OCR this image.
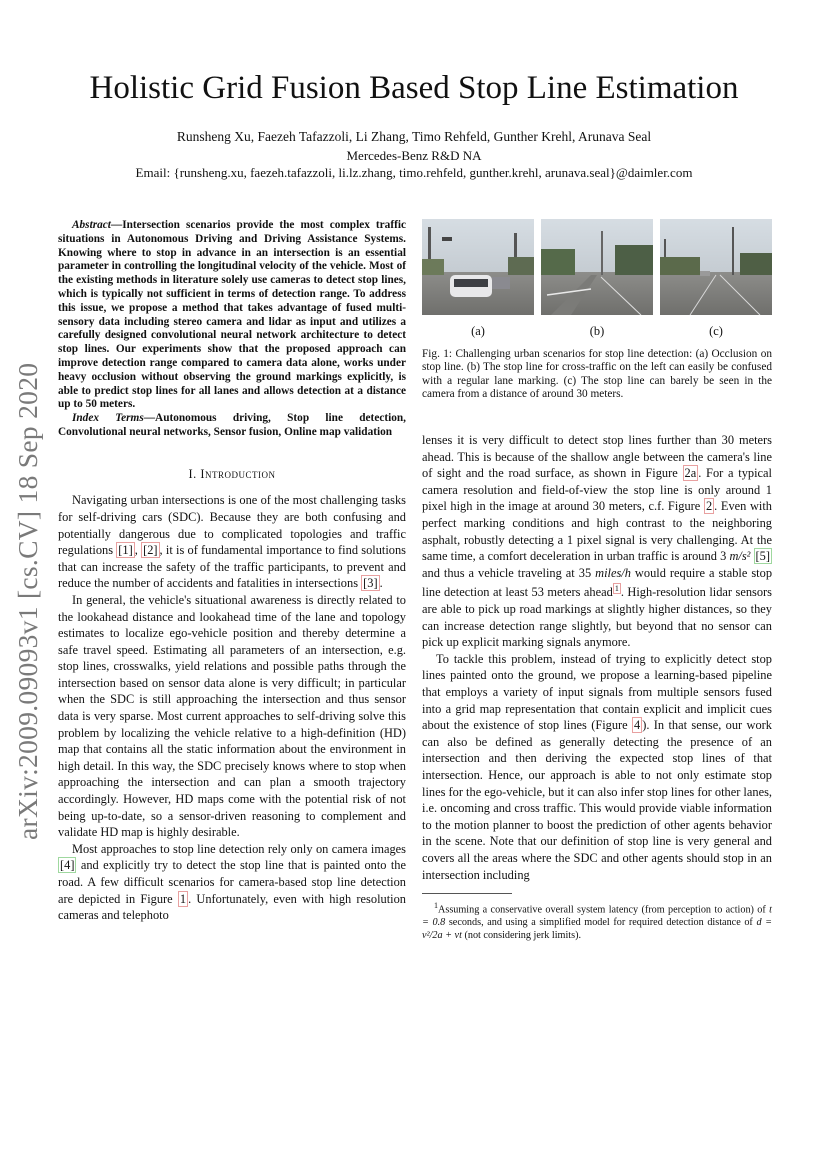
Holistic Grid Fusion Based Stop Line Estimation
Runsheng Xu, Faezeh Tafazzoli, Li Zhang, Timo Rehfeld, Gunther Krehl, Arunava Seal
Mercedes-Benz R&D NA
Email: {runsheng.xu, faezeh.tafazzoli, li.lz.zhang, timo.rehfeld, gunther.krehl, arunava.seal}@daimler.com
arXiv:2009.09093v1 [cs.CV] 18 Sep 2020

Abstract—Intersection scenarios provide the most complex traffic situations in Autonomous Driving and Driving Assistance Systems. Knowing where to stop in advance in an intersection is an essential parameter in controlling the longitudinal velocity of the vehicle. Most of the existing methods in literature solely use cameras to detect stop lines, which is typically not sufficient in terms of detection range. To address this issue, we propose a method that takes advantage of fused multi-sensory data including stereo camera and lidar as input and utilizes a carefully designed convolutional neural network architecture to detect stop lines. Our experiments show that the proposed approach can improve detection range compared to camera data alone, works under heavy occlusion without observing the ground markings explicitly, is able to predict stop lines for all lanes and allows detection at a distance up to 50 meters.

Index Terms—Autonomous driving, Stop line detection, Convolutional neural networks, Sensor fusion, Online map validation

I. Introduction

Navigating urban intersections is one of the most challenging tasks for self-driving cars (SDC). Because they are both confusing and potentially dangerous due to complicated topologies and traffic regulations [1] , [2] , it is of fundamental importance to find solutions that can increase the safety of the traffic participants, to prevent and reduce the number of accidents and fatalities in intersections [3] .

In general, the vehicle's situational awareness is directly related to the lookahead distance and lookahead time of the lane and topology estimates to localize ego-vehicle position and thereby determine a safe travel speed. Estimating all parameters of an intersection, e.g. stop lines, crosswalks, yield relations and possible paths through the intersection based on sensor data alone is very difficult; in particular when the SDC is still approaching the intersection and thus sensor data is very sparse. Most current approaches to self-driving solve this problem by localizing the vehicle relative to a high-definition (HD) map that contains all the static information about the environment in high detail. In this way, the SDC precisely knows where to stop when approaching the intersection and can plan a smooth trajectory accordingly. However, HD maps come with the potential risk of not being up-to-date, so a sensor-driven reasoning to complement and validate HD map is highly desirable.

Most approaches to stop line detection rely only on camera images [4] and explicitly try to detect the stop line that is painted onto the road. A few difficult scenarios for camera-based stop line detection are depicted in Figure 1 . Unfortunately, even with high resolution cameras and telephoto

(a)	(b)	(c)
Fig. 1: Challenging urban scenarios for stop line detection: (a) Occlusion on stop line. (b) The stop line for cross-traffic on the left can easily be confused with a regular lane marking. (c) The stop line can barely be seen in the camera from a distance of around 30 meters.

lenses it is very difficult to detect stop lines further than 30 meters ahead. This is because of the shallow angle between the camera's line of sight and the road surface, as shown in Figure 2a . For a typical camera resolution and field-of-view the stop line is only around 1 pixel high in the image at around 30 meters, c.f. Figure 2 . Even with perfect marking conditions and high contrast to the neighboring asphalt, robustly detecting a 1 pixel signal is very challenging. At the same time, a comfort deceleration in urban traffic is around 3 m/s² [5] and thus a vehicle traveling at 35 miles/h would require a stable stop line detection at least 53 meters ahead $^1$ . High-resolution lidar sensors are able to pick up road markings at slightly higher distances, so they can increase detection range slightly, but beyond that no sensor can pick up explicit marking signals anymore.

To tackle this problem, instead of trying to explicitly detect stop lines painted onto the ground, we propose a learning-based pipeline that employs a variety of input signals from multiple sensors fused into a grid map representation that contain explicit and implicit cues about the existence of stop lines (Figure 4 ). In that sense, our work can also be defined as generally detecting the presence of an intersection and then deriving the expected stop lines of that intersection. Hence, our approach is able to not only estimate stop lines for the ego-vehicle, but it can also infer stop lines for other lanes, i.e. oncoming and cross traffic. This would provide viable information to the motion planner to boost the prediction of other agents behavior in the scene. Note that our definition of stop line is very general and covers all the areas where the SDC and other agents should stop in an intersection including

$^1$Assuming a conservative overall system latency (from perception to action) of t = 0.8 seconds, and using a simplified model for required detection distance of d = v²/2a + vt (not considering jerk limits).
